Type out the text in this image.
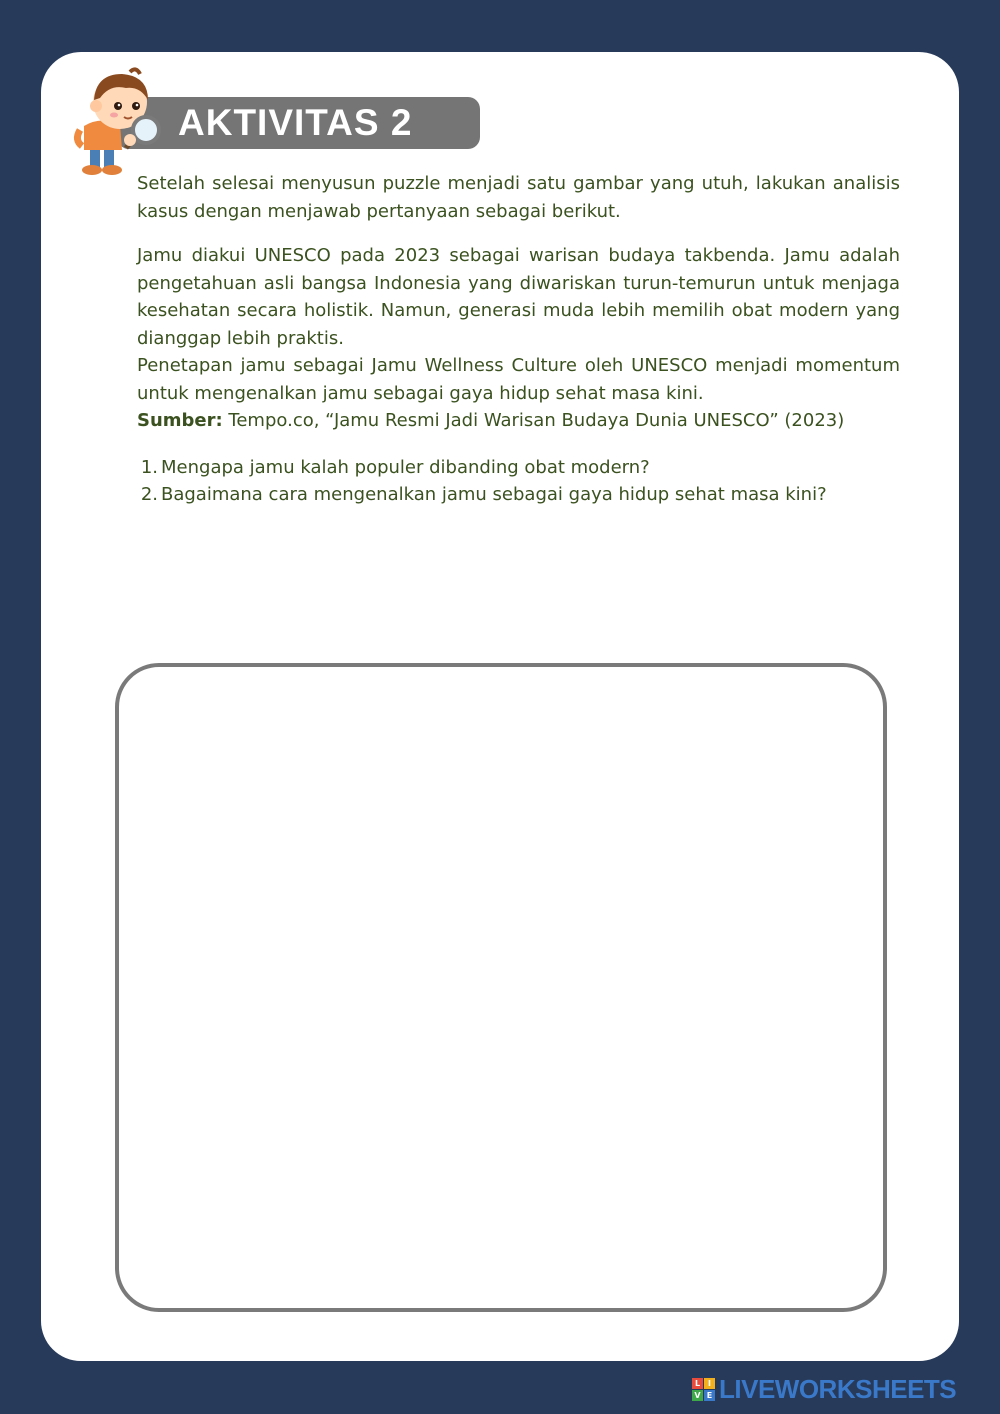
AKTIVITAS 2

Setelah selesai menyusun puzzle menjadi satu gambar yang utuh, lakukan analisis kasus dengan menjawab pertanyaan sebagai berikut.

Jamu diakui UNESCO pada 2023 sebagai warisan budaya takbenda. Jamu adalah pengetahuan asli bangsa Indonesia yang diwariskan turun-temurun untuk menjaga kesehatan secara holistik. Namun, generasi muda lebih memilih obat modern yang dianggap lebih praktis.

Penetapan jamu sebagai Jamu Wellness Culture oleh UNESCO menjadi momentum untuk mengenalkan jamu sebagai gaya hidup sehat masa kini.

Sumber: Tempo.co, “Jamu Resmi Jadi Warisan Budaya Dunia UNESCO” (2023)

1. Mengapa jamu kalah populer dibanding obat modern?
2. Bagaimana cara mengenalkan jamu sebagai gaya hidup sehat masa kini?
L I
V E LIVEWORKSHEETS
